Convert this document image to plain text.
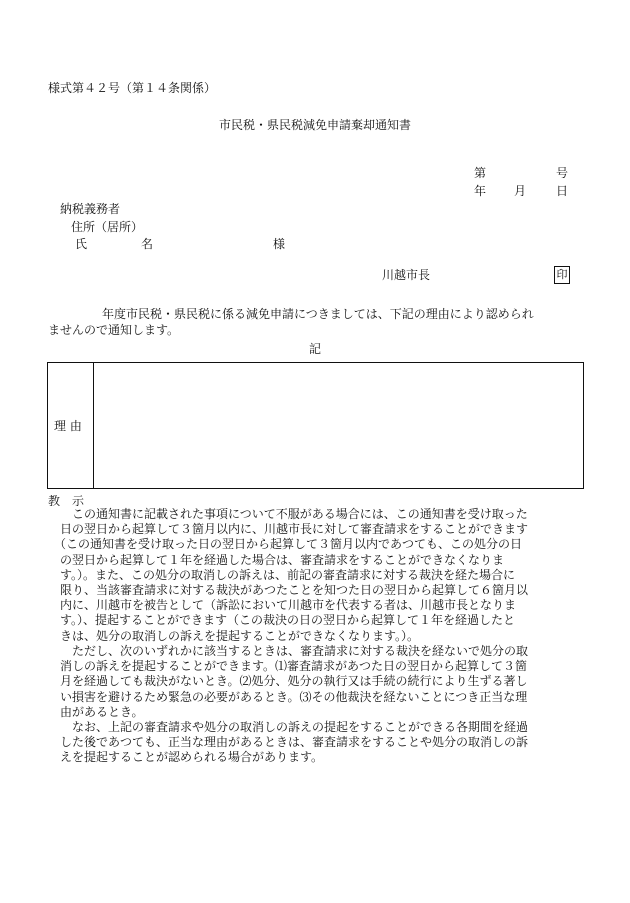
様式第４２号（第１４条関係）
市民税・県民税減免申請棄却通知書
第	号
年 月 日
納税義務者
住所（居所）
氏	名	様
川越市長	印
年度市民税・県民税に係る減免申請につきましては、下記の理由により認められ
ませんので通知します。
記
理 由
教　示
　　この通知書に記載された事項について不服がある場合には、この通知書を受け取った
　日の翌日から起算して３箇月以内に、川越市長に対して審査請求をすることができます
　（この通知書を受け取った日の翌日から起算して３箇月以内であつても、この処分の日
　の翌日から起算して１年を経過した場合は、審査請求をすることができなくなりま
　す。）。また、この処分の取消しの訴えは、前記の審査請求に対する裁決を経た場合に
　限り、当該審査請求に対する裁決があつたことを知つた日の翌日から起算して６箇月以
　内に、川越市を被告として（訴訟において川越市を代表する者は、川越市長となりま
　す。）、提起することができます（この裁決の日の翌日から起算して１年を経過したと
　きは、処分の取消しの訴えを提起することができなくなります。）。
　　ただし、次のいずれかに該当するときは、審査請求に対する裁決を経ないで処分の取
　消しの訴えを提起することができます。⑴審査請求があつた日の翌日から起算して３箇
　月を経過しても裁決がないとき。⑵処分、処分の執行又は手続の続行により生ずる著し
　い損害を避けるため緊急の必要があるとき。⑶その他裁決を経ないことにつき正当な理
　由があるとき。
　　なお、上記の審査請求や処分の取消しの訴えの提起をすることができる各期間を経過
　した後であつても、正当な理由があるときは、審査請求をすることや処分の取消しの訴
　えを提起することが認められる場合があります。
